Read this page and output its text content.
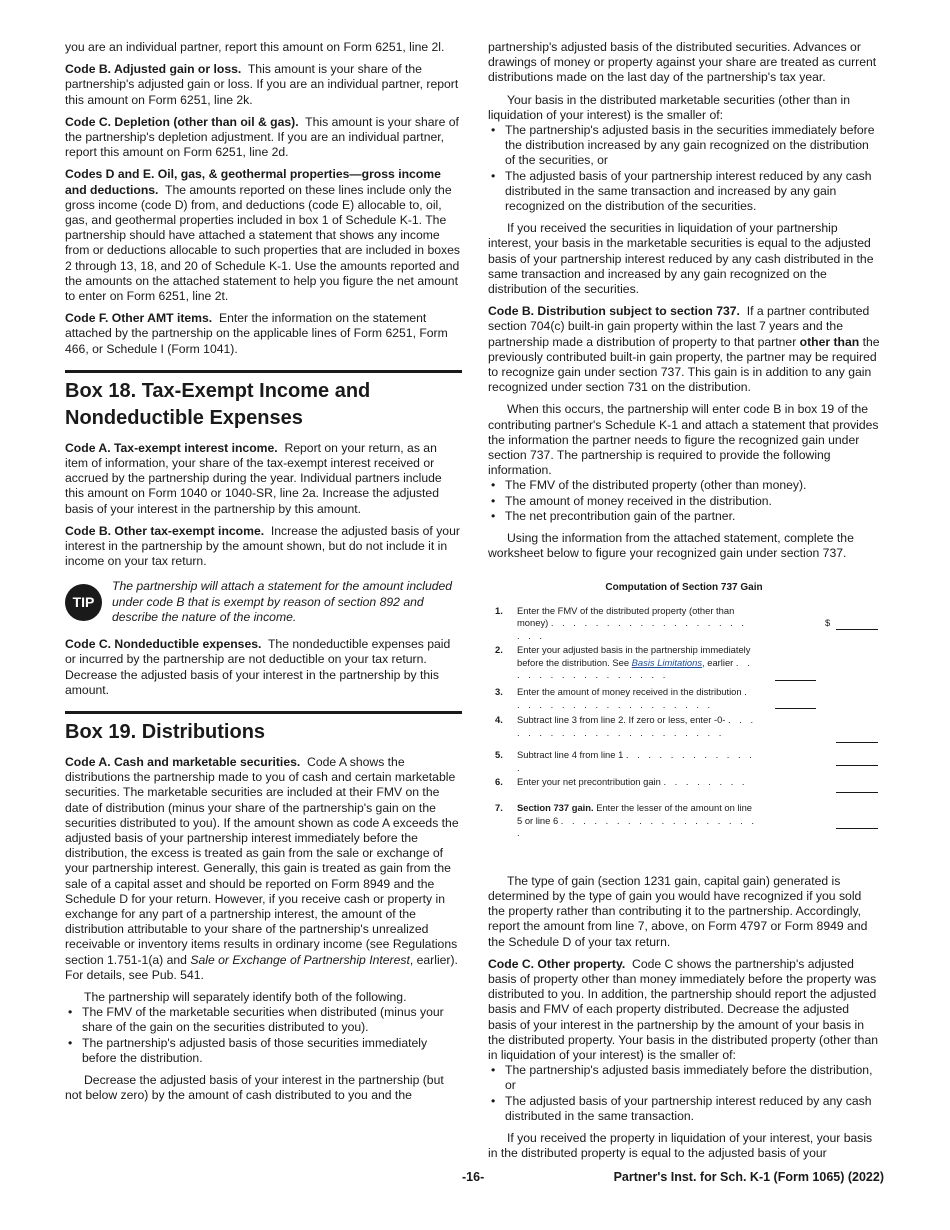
you are an individual partner, report this amount on Form 6251, line 2l.

Code B. Adjusted gain or loss. This amount is your share of the partnership's adjusted gain or loss. If you are an individual partner, report this amount on Form 6251, line 2k.

Code C. Depletion (other than oil & gas). This amount is your share of the partnership's depletion adjustment. If you are an individual partner, report this amount on Form 6251, line 2d.

Codes D and E. Oil, gas, & geothermal properties—gross income and deductions. The amounts reported on these lines include only the gross income (code D) from, and deductions (code E) allocable to, oil, gas, and geothermal properties included in box 1 of Schedule K-1. The partnership should have attached a statement that shows any income from or deductions allocable to such properties that are included in boxes 2 through 13, 18, and 20 of Schedule K-1. Use the amounts reported and the amounts on the attached statement to help you figure the net amount to enter on Form 6251, line 2t.

Code F. Other AMT items. Enter the information on the statement attached by the partnership on the applicable lines of Form 6251, Form 466, or Schedule I (Form 1041).

Box 18. Tax-Exempt Income and Nondeductible Expenses

Code A. Tax-exempt interest income. Report on your return, as an item of information, your share of the tax-exempt interest received or accrued by the partnership during the year. Individual partners include this amount on Form 1040 or 1040-SR, line 2a. Increase the adjusted basis of your interest in the partnership by this amount.

Code B. Other tax-exempt income. Increase the adjusted basis of your interest in the partnership by the amount shown, but do not include it in income on your tax return.

TIP
The partnership will attach a statement for the amount included under code B that is exempt by reason of section 892 and describe the nature of the income.

Code C. Nondeductible expenses. The nondeductible expenses paid or incurred by the partnership are not deductible on your tax return. Decrease the adjusted basis of your interest in the partnership by this amount.

Box 19. Distributions

Code A. Cash and marketable securities. Code A shows the distributions the partnership made to you of cash and certain marketable securities. The marketable securities are included at their FMV on the date of distribution (minus your share of the partnership's gain on the securities distributed to you). If the amount shown as code A exceeds the adjusted basis of your partnership interest immediately before the distribution, the excess is treated as gain from the sale or exchange of your partnership interest. Generally, this gain is treated as gain from the sale of a capital asset and should be reported on Form 8949 and the Schedule D for your return. However, if you receive cash or property in exchange for any part of a partnership interest, the amount of the distribution attributable to your share of the partnership's unrealized receivable or inventory items results in ordinary income (see Regulations section 1.751-1(a) and Sale or Exchange of Partnership Interest, earlier). For details, see Pub. 541.

The partnership will separately identify both of the following.

• The FMV of the marketable securities when distributed (minus your share of the gain on the securities distributed to you).

• The partnership's adjusted basis of those securities immediately before the distribution.

Decrease the adjusted basis of your interest in the partnership (but not below zero) by the amount of cash distributed to you and the

partnership's adjusted basis of the distributed securities. Advances or drawings of money or property against your share are treated as current distributions made on the last day of the partnership's tax year.

Your basis in the distributed marketable securities (other than in liquidation of your interest) is the smaller of:

• The partnership's adjusted basis in the securities immediately before the distribution increased by any gain recognized on the distribution of the securities, or

• The adjusted basis of your partnership interest reduced by any cash distributed in the same transaction and increased by any gain recognized on the distribution of the securities.

If you received the securities in liquidation of your partnership interest, your basis in the marketable securities is equal to the adjusted basis of your partnership interest reduced by any cash distributed in the same transaction and increased by any gain recognized on the distribution of the securities.

Code B. Distribution subject to section 737. If a partner contributed section 704(c) built-in gain property within the last 7 years and the partnership made a distribution of property to that partner other than the previously contributed built-in gain property, the partner may be required to recognize gain under section 737. This gain is in addition to any gain recognized under section 731 on the distribution.

When this occurs, the partnership will enter code B in box 19 of the contributing partner's Schedule K-1 and attach a statement that provides the information the partner needs to figure the recognized gain under section 737. The partnership is required to provide the following information.

• The FMV of the distributed property (other than money).

• The amount of money received in the distribution.

• The net precontribution gain of the partner.

Using the information from the attached statement, complete the worksheet below to figure your recognized gain under section 737.

Computation of Section 737 Gain
1. Enter the FMV of the distributed property (other than money) . . . . . . . . . . . . . . . . . . . . .
$
2. Enter your adjusted basis in the partnership immediately before the distribution. See Basis Limitations, earlier . . . . . . . . . . . . . . . .
3. Enter the amount of money received in the distribution . . . . . . . . . . . . . . . . . . .
4. Subtract line 3 from line 2. If zero or less, enter -0- . . . . . . . . . . . . . . . . . . . . . .
5. Subtract line 4 from line 1 . . . . . . . . . . . . .
6. Enter your net precontribution gain . . . . . . . .
7. Section 737 gain. Enter the lesser of the amount on line 5 or line 6 . . . . . . . . . . . . . . . . . . .

The type of gain (section 1231 gain, capital gain) generated is determined by the type of gain you would have recognized if you sold the property rather than contributing it to the partnership. Accordingly, report the amount from line 7, above, on Form 4797 or Form 8949 and the Schedule D of your tax return.

Code C. Other property. Code C shows the partnership's adjusted basis of property other than money immediately before the property was distributed to you. In addition, the partnership should report the adjusted basis and FMV of each property distributed. Decrease the adjusted basis of your interest in the partnership by the amount of your basis in the distributed property. Your basis in the distributed property (other than in liquidation of your interest) is the smaller of:

• The partnership's adjusted basis immediately before the distribution, or

• The adjusted basis of your partnership interest reduced by any cash distributed in the same transaction.

If you received the property in liquidation of your interest, your basis in the distributed property is equal to the adjusted basis of your

-16-	Partner's Inst. for Sch. K-1 (Form 1065) (2022)
